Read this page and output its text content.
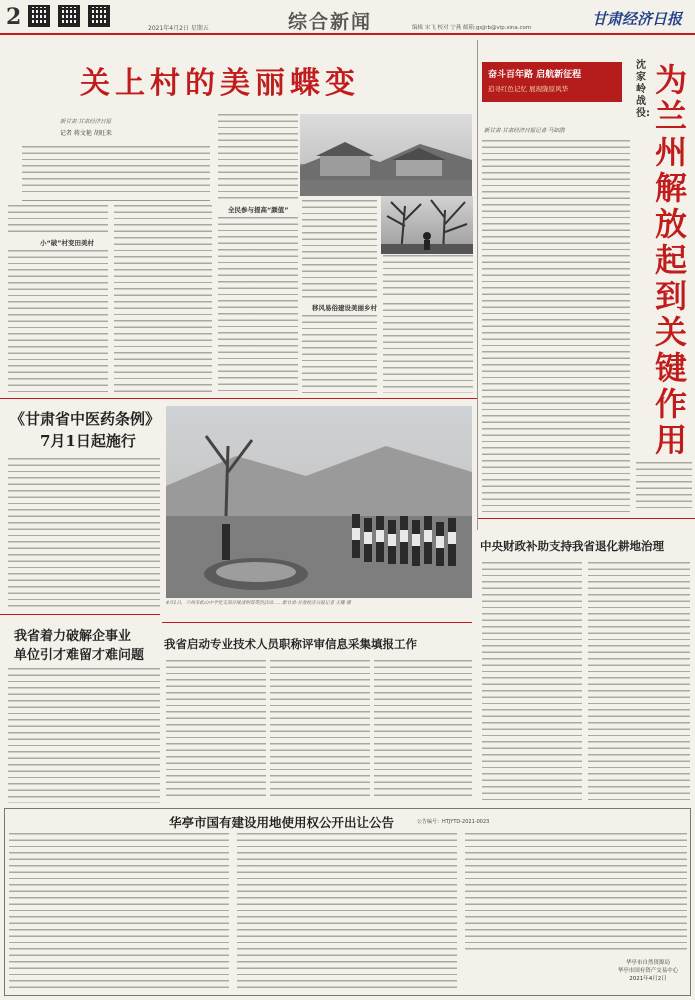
2	2021年4月2日 星期五	综合新闻	编辑 宋飞 校对 宁燕 邮箱:gsjjrb@vip.sina.com	甘肃经济日报
关上村的美丽蝶变
新甘肃·甘肃经济日报
记者 蒋文艳 胡旺来
小“破”村变田美村
全民参与提高“颜值”
移风易俗建设美丽乡村
奋斗百年路 启航新征程
追寻红色记忆 展现陇原风华
新甘肃·甘肃经济日报记者 马如鹃
沈家岭战役:
为兰州解放起到关键作用
《甘肃省中医药条例》
7月1日起施行
4月1日，兰州市松山中学党支部开展清明祭英烈活动……新甘肃·甘肃经济日报记者 王耀 摄
我省着力破解企事业
单位引才难留才难问题
我省启动专业技术人员职称评审信息采集填报工作
中央财政补助支持我省退化耕地治理
华亭市国有建设用地使用权公开出让公告	公告编号：HTJYTD-2021-0023
华亭市自然资源局
华亭市国有资产交易中心
2021年4月2日
